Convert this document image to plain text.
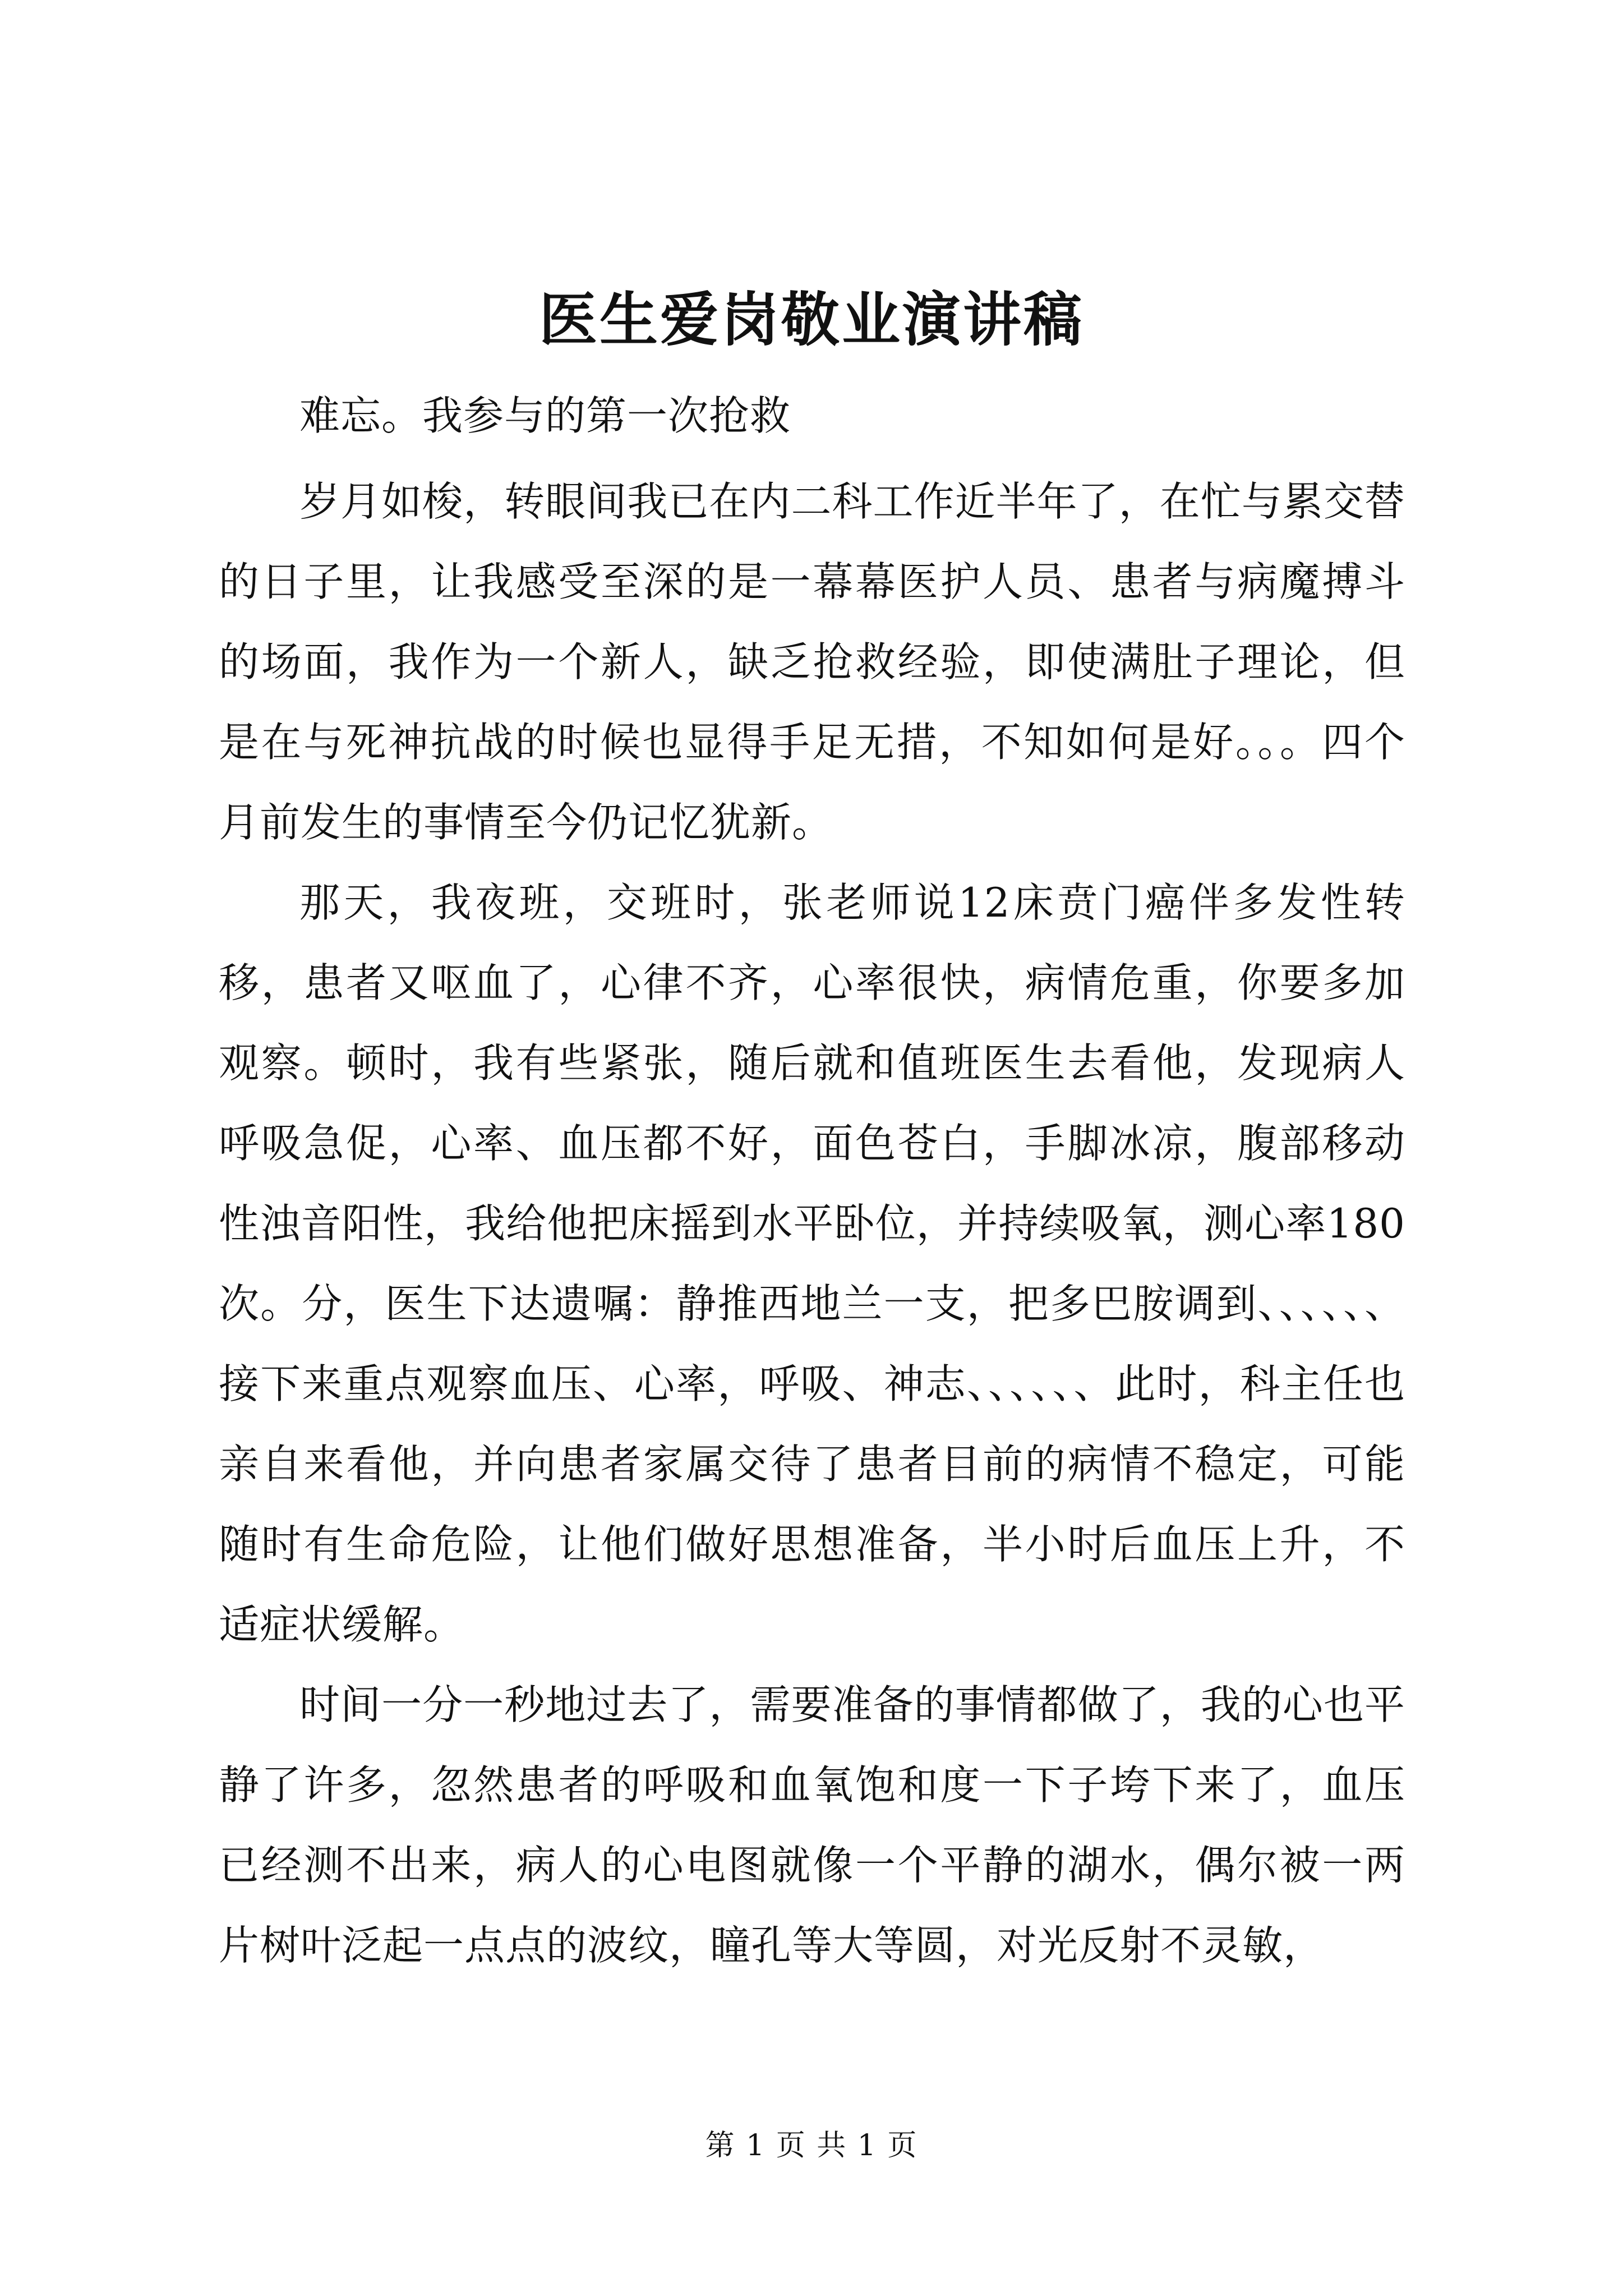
医生爱岗敬业演讲稿

难忘。我参与的第一次抢救

岁月如梭，转眼间我已在内二科工作近半年了，在忙与累交替的日子里，让我感受至深的是一幕幕医护人员、患者与病魔搏斗的场面，我作为一个新人，缺乏抢救经验，即使满肚子理论，但是在与死神抗战的时候也显得手足无措，不知如何是好。。。四个月前发生的事情至今仍记忆犹新。

那天，我夜班，交班时，张老师说12床贲门癌伴多发性转移，患者又呕血了，心律不齐，心率很快，病情危重，你要多加观察。顿时，我有些紧张，随后就和值班医生去看他，发现病人呼吸急促，心率、血压都不好，面色苍白，手脚冰凉，腹部移动性浊音阳性，我给他把床摇到水平卧位，并持续吸氧，测心率180次。分，医生下达遗嘱：静推西地兰一支，把多巴胺调到、、、、、、接下来重点观察血压、心率，呼吸、神志、、、、、、此时，科主任也亲自来看他，并向患者家属交待了患者目前的病情不稳定，可能随时有生命危险，让他们做好思想准备，半小时后血压上升，不适症状缓解。

时间一分一秒地过去了，需要准备的事情都做了，我的心也平静了许多，忽然患者的呼吸和血氧饱和度一下子垮下来了，血压已经测不出来，病人的心电图就像一个平静的湖水，偶尔被一两片树叶泛起一点点的波纹，瞳孔等大等圆，对光反射不灵敏，

第 1 页 共 1 页
